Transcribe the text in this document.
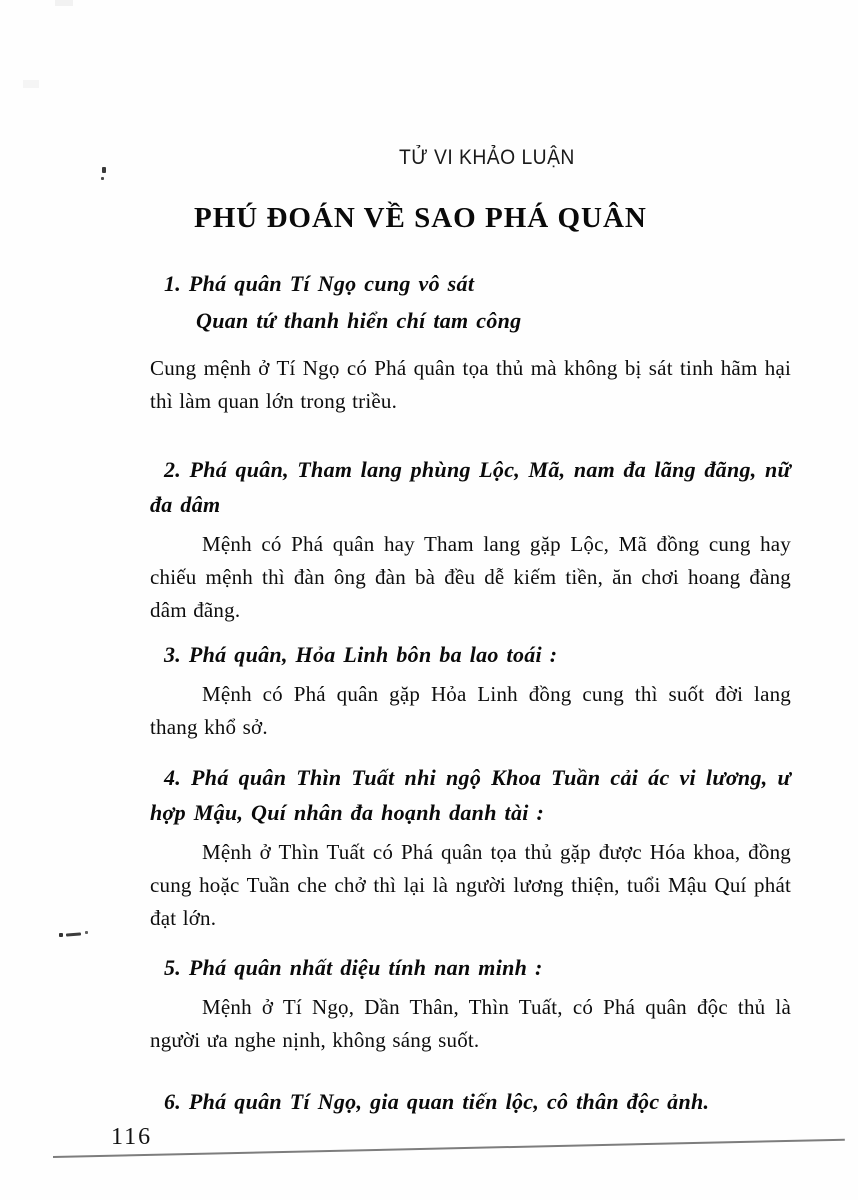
TỬ VI KHẢO LUẬN
PHÚ ĐOÁN VỀ SAO PHÁ QUÂN
1. Phá quân Tí Ngọ cung vô sát
Quan tứ thanh hiển chí tam công

Cung mệnh ở Tí Ngọ có Phá quân tọa thủ mà không bị sát tinh hãm hại thì làm quan lớn trong triều.

2. Phá quân, Tham lang phùng Lộc, Mã, nam đa lãng đãng, nữ đa dâm

Mệnh có Phá quân hay Tham lang gặp Lộc, Mã đồng cung hay chiếu mệnh thì đàn ông đàn bà đều dễ kiếm tiền, ăn chơi hoang đàng dâm đãng.

3. Phá quân, Hỏa Linh bôn ba lao toái :

Mệnh có Phá quân gặp Hỏa Linh đồng cung thì suốt đời lang thang khổ sở.

4. Phá quân Thìn Tuất nhi ngộ Khoa Tuần cải ác vi lương, ư hợp Mậu, Quí nhân đa hoạnh danh tài :

Mệnh ở Thìn Tuất có Phá quân tọa thủ gặp được Hóa khoa, đồng cung hoặc Tuần che chở thì lại là người lương thiện, tuổi Mậu Quí phát đạt lớn.

5. Phá quân nhất diệu tính nan minh :

Mệnh ở Tí Ngọ, Dần Thân, Thìn Tuất, có Phá quân độc thủ là người ưa nghe nịnh, không sáng suốt.

6. Phá quân Tí Ngọ, gia quan tiến lộc, cô thân độc ảnh.
116
